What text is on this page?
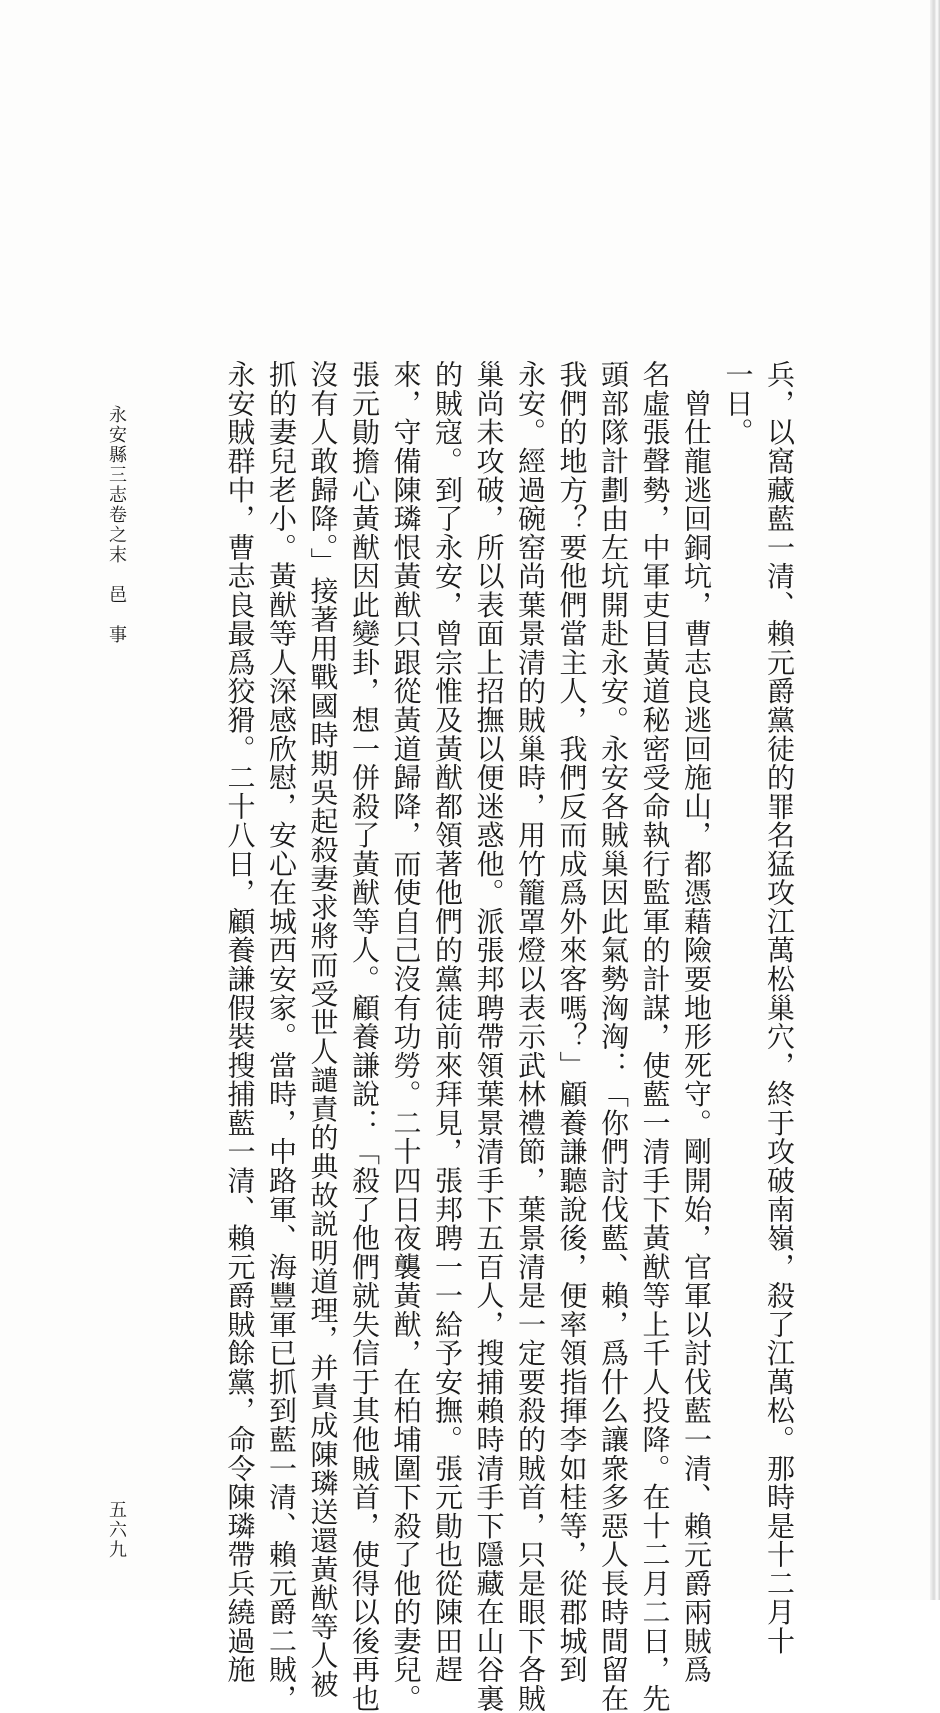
兵，以窩藏藍一清、賴元爵黨徒的罪名猛攻江萬松巢穴，終于攻破南嶺，殺了江萬松。那時是十二月十

一日。

　曾仕龍逃回銅坑，曹志良逃回施山，都憑藉險要地形死守。剛開始，官軍以討伐藍一清、賴元爵兩賊爲

名虛張聲勢，中軍吏目黃道秘密受命執行監軍的計謀，使藍一清手下黃猷等上千人投降。在十二月二日，先

頭部隊計劃由左坑開赴永安。永安各賊巢因此氣勢洶洶：「你們討伐藍、賴，爲什么讓衆多惡人長時間留在

我們的地方？要他們當主人，我們反而成爲外來客嗎？」顧養謙聽說後，便率領指揮李如桂等，從郡城到

永安。經過碗窑尚葉景清的賊巢時，用竹籠罩燈以表示武林禮節，葉景清是一定要殺的賊首，只是眼下各賊

巢尚未攻破，所以表面上招撫以便迷惑他。派張邦聘帶領葉景清手下五百人，搜捕賴時清手下隱藏在山谷裏

的賊寇。到了永安，曾宗惟及黃猷都領著他們的黨徒前來拜見，張邦聘一一給予安撫。張元勛也從陳田趕

來，守備陳璘恨黃猷只跟從黃道歸降，而使自己沒有功勞。二十四日夜襲黃猷，在柏埔圍下殺了他的妻兒。

張元勛擔心黃猷因此變卦，想一併殺了黃猷等人。顧養謙說：「殺了他們就失信于其他賊首，使得以後再也

沒有人敢歸降。」接著用戰國時期吳起殺妻求將而受世人譴責的典故説明道理，并責成陳璘送還黃猷等人被

抓的妻兒老小。黃猷等人深感欣慰，安心在城西安家。當時，中路軍、海豐軍已抓到藍一清、賴元爵二賊，

永安賊群中，曹志良最爲狡猾。二十八日，顧養謙假裝搜捕藍一清、賴元爵賊餘黨，命令陳璘帶兵繞過施

永安縣三志卷之末　邑　事
五六九
